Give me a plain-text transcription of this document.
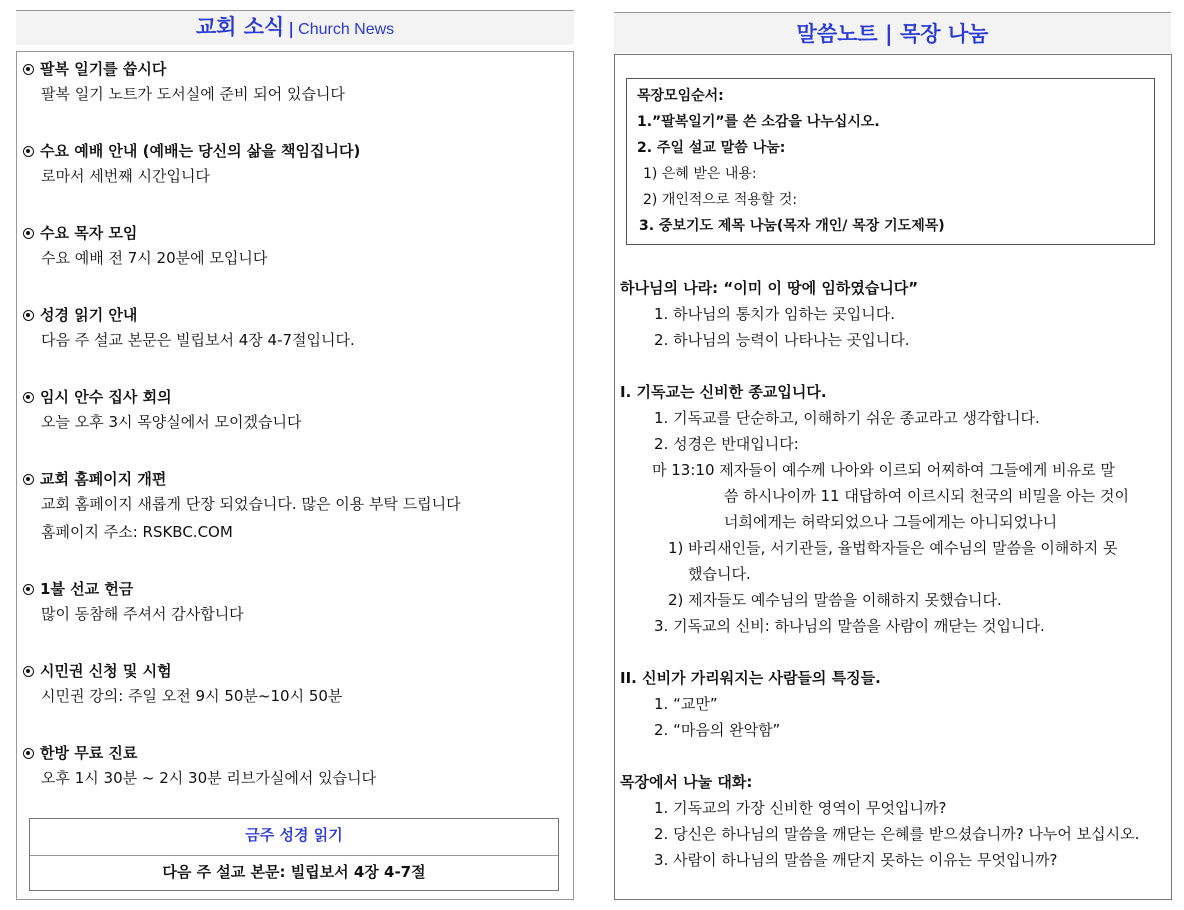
교회 소식 | Church News
팔복 일기를 씁시다
팔복 일기 노트가 도서실에 준비 되어 있습니다
수요 예배 안내 (예배는 당신의 삶을 책임집니다)
로마서 세번째 시간입니다
수요 목자 모임
수요 예배 전 7시 20분에 모입니다
성경 읽기 안내
다음 주 설교 본문은 빌립보서 4장 4-7절입니다.
임시 안수 집사 회의
오늘 오후 3시 목양실에서 모이겠습니다
교회 홈페이지 개편
교회 홈페이지 새롭게 단장 되었습니다. 많은 이용 부탁 드립니다
홈페이지 주소: RSKBC.COM
1불 선교 헌금
많이 동참해 주셔서 감사합니다
시민권 신청 및 시험
시민권 강의: 주일 오전 9시 50분~10시 50분
한방 무료 진료
오후 1시 30분 ~ 2시 30분 리브가실에서 있습니다
금주 성경 읽기
다음 주 설교 본문: 빌립보서 4장 4-7절
말씀노트 | 목장 나눔
목장모임순서:
1.”팔복일기”를 쓴 소감을 나누십시오.
2. 주일 설교 말씀 나눔:
1) 은혜 받은 내용:
2) 개인적으로 적용할 것:
3. 중보기도 제목 나눔(목자 개인/ 목장 기도제목)
하나님의 나라: “이미 이 땅에 임하였습니다”
1. 하나님의 통치가 임하는 곳입니다.
2. 하나님의 능력이 나타나는 곳입니다.
I. 기독교는 신비한 종교입니다.
1. 기독교를 단순하고, 이해하기 쉬운 종교라고 생각합니다.
2. 성경은 반대입니다:
마 13:10 제자들이 예수께 나아와 이르되 어찌하여 그들에게 비유로 말
씀 하시나이까 11 대답하여 이르시되 천국의 비밀을 아는 것이
너희에게는 허락되었으나 그들에게는 아니되었나니
1) 바리새인들, 서기관들, 율법학자들은 예수님의 말씀을 이해하지 못
했습니다.
2) 제자들도 예수님의 말씀을 이해하지 못했습니다.
3. 기독교의 신비: 하나님의 말씀을 사람이 깨닫는 것입니다.
II. 신비가 가리워지는 사람들의 특징들.
1. “교만”
2. “마음의 완악함”
목장에서 나눌 대화:
1. 기독교의 가장 신비한 영역이 무엇입니까?
2. 당신은 하나님의 말씀을 깨닫는 은혜를 받으셨습니까? 나누어 보십시오.
3. 사람이 하나님의 말씀을 깨닫지 못하는 이유는 무엇입니까?
